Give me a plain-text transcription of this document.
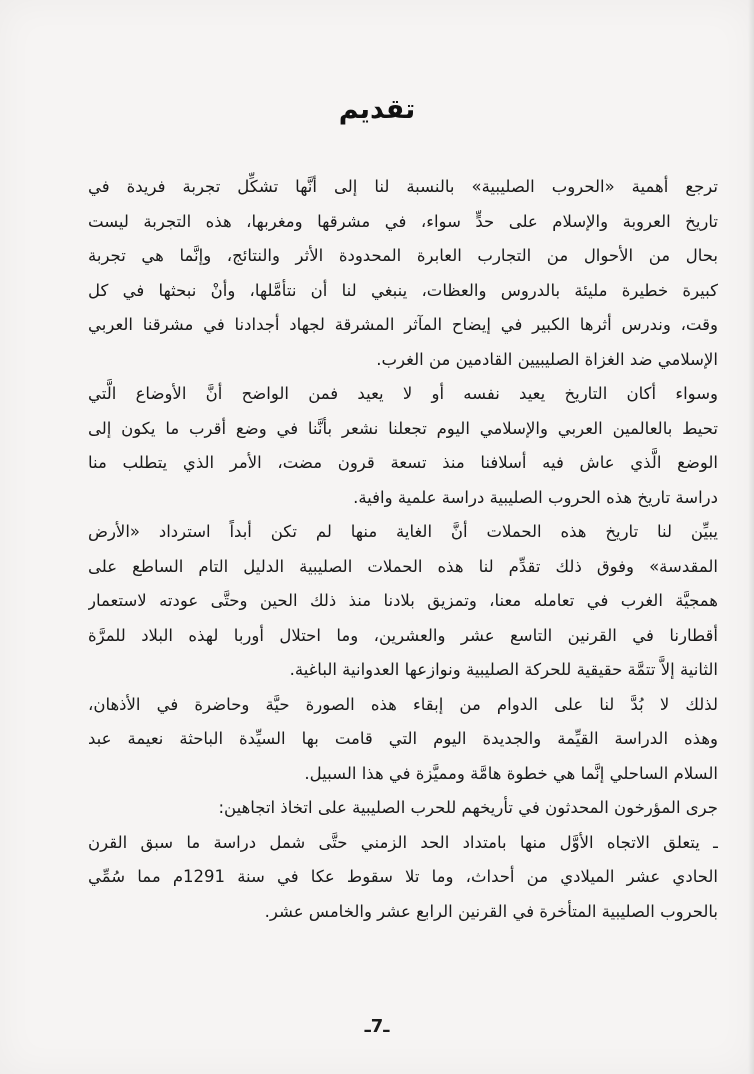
تقديم
ترجع أهمية «الحروب الصليبية» بالنسبة لنا إلى أنَّها تشكِّل تجربة فريدة في
تاريخ العروبة والإسلام على حدٍّ سواء، في مشرقها ومغربها، هذه التجربة ليست
بحال من الأحوال من التجارب العابرة المحدودة الأثر والنتائج، وإنَّما هي تجربة
كبيرة خطيرة مليئة بالدروس والعظات، ينبغي لنا أن نتأمَّلها، وأنْ نبحثها في كل
وقت، وندرس أثرها الكبير في إيضاح المآثر المشرقة لجهاد أجدادنا في مشرقنا العربي
الإسلامي ضد الغزاة الصليبيين القادمين من الغرب.
وسواء أكان التاريخ يعيد نفسه أو لا يعيد فمن الواضح أنَّ الأوضاع الَّتي
تحيط بالعالمين العربي والإسلامي اليوم تجعلنا نشعر بأنَّنا في وضع أقرب ما يكون إلى
الوضع الَّذي عاش فيه أسلافنا منذ تسعة قرون مضت، الأمر الذي يتطلب منا
دراسة تاريخ هذه الحروب الصليبية دراسة علمية وافية.
يبيِّن لنا تاريخ هذه الحملات أنَّ الغاية منها لم تكن أبداً استرداد «الأرض
المقدسة» وفوق ذلك تقدِّم لنا هذه الحملات الصليبية الدليل التام الساطع على
همجيَّة الغرب في تعامله معنا، وتمزيق بلادنا منذ ذلك الحين وحتَّى عودته لاستعمار
أقطارنا في القرنين التاسع عشر والعشرين، وما احتلال أوربا لهذه البلاد للمرَّة
الثانية إلاَّ تتمَّة حقيقية للحركة الصليبية ونوازعها العدوانية الباغية.
لذلك لا بُدَّ لنا على الدوام من إبقاء هذه الصورة حيَّة وحاضرة في الأذهان،
وهذه الدراسة القيِّمة والجديدة اليوم التي قامت بها السيِّدة الباحثة نعيمة عبد
السلام الساحلي إنَّما هي خطوة هامَّة ومميَّزة في هذا السبيل.
جرى المؤرخون المحدثون في تأريخهم للحرب الصليبية على اتخاذ اتجاهين:
ـ يتعلق الاتجاه الأوَّل منها بامتداد الحد الزمني حتَّى شمل دراسة ما سبق القرن
الحادي عشر الميلادي من أحداث، وما تلا سقوط عكا في سنة 1291م مما سُمِّي
بالحروب الصليبية المتأخرة في القرنين الرابع عشر والخامس عشر.
ـ7ـ
